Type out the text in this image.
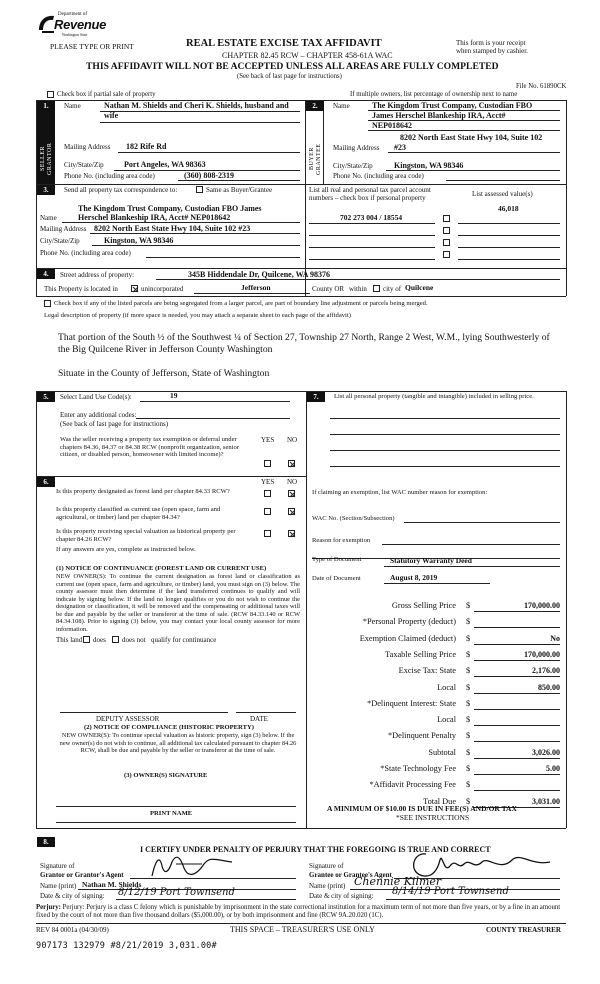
Department of
Revenue
Washington State
PLEASE TYPE OR PRINT	REAL ESTATE EXCISE TAX AFFIDAVIT
CHAPTER 82.45 RCW – CHAPTER 458-61A WAC
This form is your receipt
when stamped by cashier.
THIS AFFIDAVIT WILL NOT BE ACCEPTED UNLESS ALL AREAS ARE FULLY COMPLETED
(See back of last page for instructions)
File No. 61890CK
Check box if partial sale of property	If multiple owners, list percentage of ownership next to name
1.
SELLER GRANTOR
Name	Nathan M. Shields and Cheri K. Shields, husband and wife
Mailing Address 182 Rife Rd
City/State/Zip	Port Angeles, WA 98363
Phone No. (including area code)	(360) 808-2319
2.
BUYER GRANTEE
Name	The Kingdom Trust Company, Custodian FBO
James Herschel Blankeship IRA, Acct#
NEP018642
8202 North East State Hwy 104, Suite 102
Mailing Address #23
City/State/Zip	Kingston, WA 98346
Phone No. (including area code)
3.	Send all property tax correspondence to:	Same as Buyer/Grantee
The Kingdom Trust Company, Custodian FBO James
Name	Herschel Blankeship IRA, Acct# NEP018642
Mailing Address 8202 North East State Hwy 104, Suite 102 #23
City/State/Zip	Kingston, WA 98346
Phone No. (including area code)
List all real and personal tax parcel account
numbers – check box if personal property	List assessed value(s)
46,018
702 273 004 / 18554
4.	Street address of property:	345B Hiddendale Dr, Quilcene, WA 98376
This Property is located in	unincorporated	Jefferson	County OR within city of Quilcene
Check box if any of the listed parcels are being segregated from a larger parcel, are part of boundary line adjustment or parcels being merged.
Legal description of property (if more space is needed, you may attach a separate sheet to each page of the affidavit)
That portion of the South ½ of the Southwest ¼ of Section 27, Township 27 North, Range 2 West, W.M., lying Southwesterly of the Big Quilcene River in Jefferson County Washington
Situate in the County of Jefferson, State of Washington
5.	Select Land Use Code(s):	19
Enter any additional codes:
(See back of last page for instructions)
YES NO
Was the seller receiving a property tax exemption or deferral under chapters 84.36, 84.37 or 84.38 RCW (nonprofit organization, senior citizen, or disabled person, homeowner with limited income)?
6.	YES NO
Is this property designated as forest land per chapter 84.33 RCW?
Is this property classified as current use (open space, farm and agricultural, or timber) land per chapter 84.34?
Is this property receiving special valuation as historical property per chapter 84.26 RCW?
If any answers are yes, complete as instructed below.
(1) NOTICE OF CONTINUANCE (FOREST LAND OR CURRENT USE)
NEW OWNER(S): To continue the current designation as forest land or classification as current use (open space, farm and agriculture, or timber) land, you must sign on (3) below. The county assessor must then determine if the land transferred continues to qualify and will indicate by signing below. If the land no longer qualifies or you do not wish to continue the designation or classification, it will be removed and the compensating or additional taxes will be due and payable by the seller or transferor at the time of sale. (RCW 84.33.140 or RCW 84.34.108). Prior to signing (3) below, you may contact your local county assessor for more information.
This land does does not qualify for continuance
DEPUTY ASSESSOR	DATE
(2) NOTICE OF COMPLIANCE (HISTORIC PROPERTY)
NEW OWNER(S): To continue special valuation as historic property, sign (3) below. If the new owner(s) do not wish to continue, all additional tax calculated pursuant to chapter 84.26 RCW, shall be due and payable by the seller or transferor at the time of sale.
(3) OWNER(S) SIGNATURE
PRINT NAME
7.	List all personal property (tangible and intangible) included in selling price.
If claiming an exemption, list WAC number reason for exemption:
WAC No. (Section/Subsection)
Reason for exemption
Type of Document	Statutory Warranty Deed
Date of Document	August 8, 2019
Gross Selling Price $	170,000.00
*Personal Property (deduct) $
Exemption Claimed (deduct) $	No
Taxable Selling Price $	170,000.00
Excise Tax: State $	2,176.00
Local $	850.00
*Delinquent Interest: State $
Local $
*Delinquent Penalty $
Subtotal $	3,026.00
*State Technology Fee $	5.00
*Affidavit Processing Fee $
Total Due $	3,031.00
A MINIMUM OF $10.00 IS DUE IN FEE(S) AND/OR TAX
*SEE INSTRUCTIONS
8.
I CERTIFY UNDER PENALTY OF PERJURY THAT THE FOREGOING IS TRUE AND CORRECT
Signature of
Grantor or Grantor's Agent
Name (print) Nathan M. Shields
Date & city of signing: 8/12/19 Port Townsend
Signature of
Grantee or Grantee's Agent
Name (print) Chennie Kilmer
Date & city of signing: 8/14/19 Port Townsend
Perjury: Perjury: Perjury is a class C felony which is punishable by imprisonment in the state correctional institution for a maximum term of not more than five years, or by a fine in an amount fixed by the court of not more than five thousand dollars ($5,000.00), or by both imprisonment and fine (RCW 9A.20.020 (1C).
REV 84 0001a (04/30/09)	THIS SPACE – TREASURER'S USE ONLY	COUNTY TREASURER
907173 132979 #8/21/2019 3,031.00#
